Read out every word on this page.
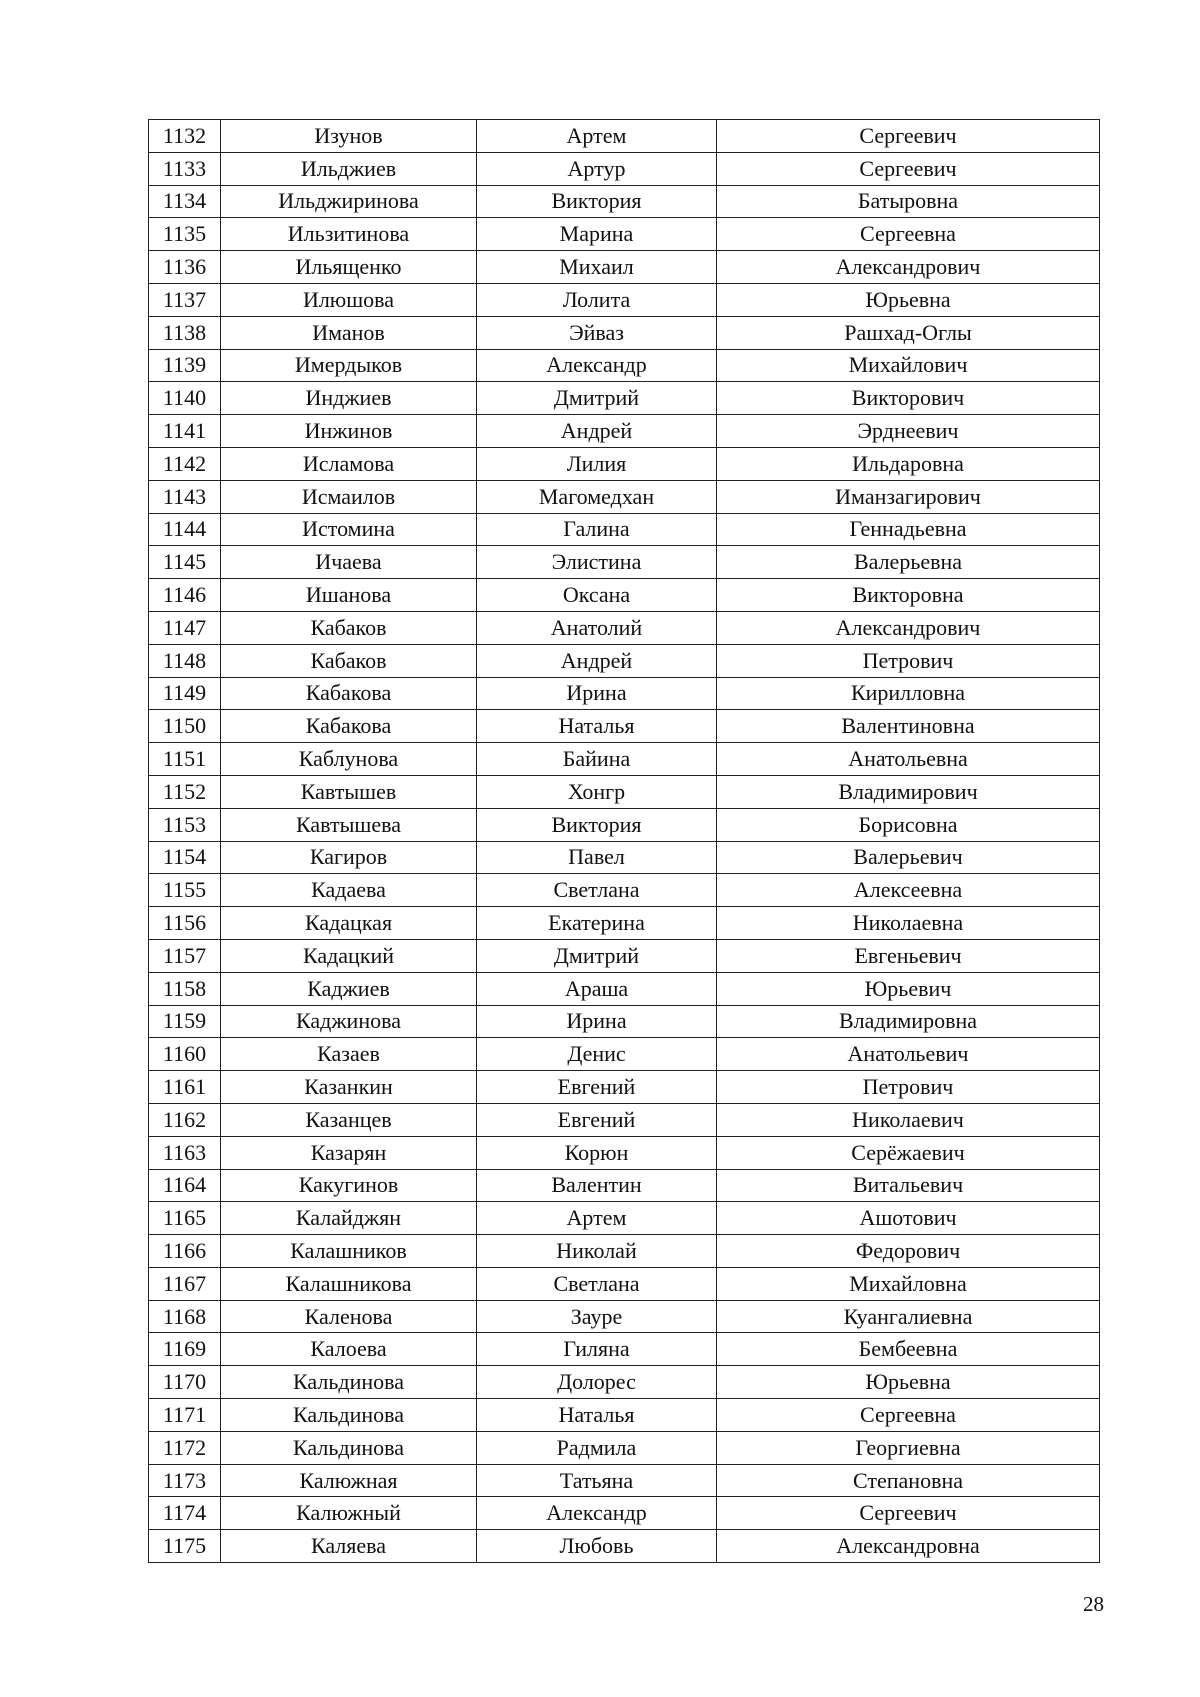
1132	Изунов	Артем	Сергеевич
1133	Ильджиев	Артур	Сергеевич
1134	Ильджиринова	Виктория	Батыровна
1135	Ильзитинова	Марина	Сергеевна
1136	Ильященко	Михаил	Александрович
1137	Илюшова	Лолита	Юрьевна
1138	Иманов	Эйваз	Рашхад-Оглы
1139	Имердыков	Александр	Михайлович
1140	Инджиев	Дмитрий	Викторович
1141	Инжинов	Андрей	Эрднеевич
1142	Исламова	Лилия	Ильдаровна
1143	Исмаилов	Магомедхан	Иманзагирович
1144	Истомина	Галина	Геннадьевна
1145	Ичаева	Элистина	Валерьевна
1146	Ишанова	Оксана	Викторовна
1147	Кабаков	Анатолий	Александрович
1148	Кабаков	Андрей	Петрович
1149	Кабакова	Ирина	Кирилловна
1150	Кабакова	Наталья	Валентиновна
1151	Каблунова	Байина	Анатольевна
1152	Кавтышев	Хонгр	Владимирович
1153	Кавтышева	Виктория	Борисовна
1154	Кагиров	Павел	Валерьевич
1155	Кадаева	Светлана	Алексеевна
1156	Кадацкая	Екатерина	Николаевна
1157	Кадацкий	Дмитрий	Евгеньевич
1158	Каджиев	Араша	Юрьевич
1159	Каджинова	Ирина	Владимировна
1160	Казаев	Денис	Анатольевич
1161	Казанкин	Евгений	Петрович
1162	Казанцев	Евгений	Николаевич
1163	Казарян	Корюн	Серёжаевич
1164	Какугинов	Валентин	Витальевич
1165	Калайджян	Артем	Ашотович
1166	Калашников	Николай	Федорович
1167	Калашникова	Светлана	Михайловна
1168	Каленова	Зауре	Куангалиевна
1169	Калоева	Гиляна	Бембеевна
1170	Кальдинова	Долорес	Юрьевна
1171	Кальдинова	Наталья	Сергеевна
1172	Кальдинова	Радмила	Георгиевна
1173	Калюжная	Татьяна	Степановна
1174	Калюжный	Александр	Сергеевич
1175	Каляева	Любовь	Александровна
28
